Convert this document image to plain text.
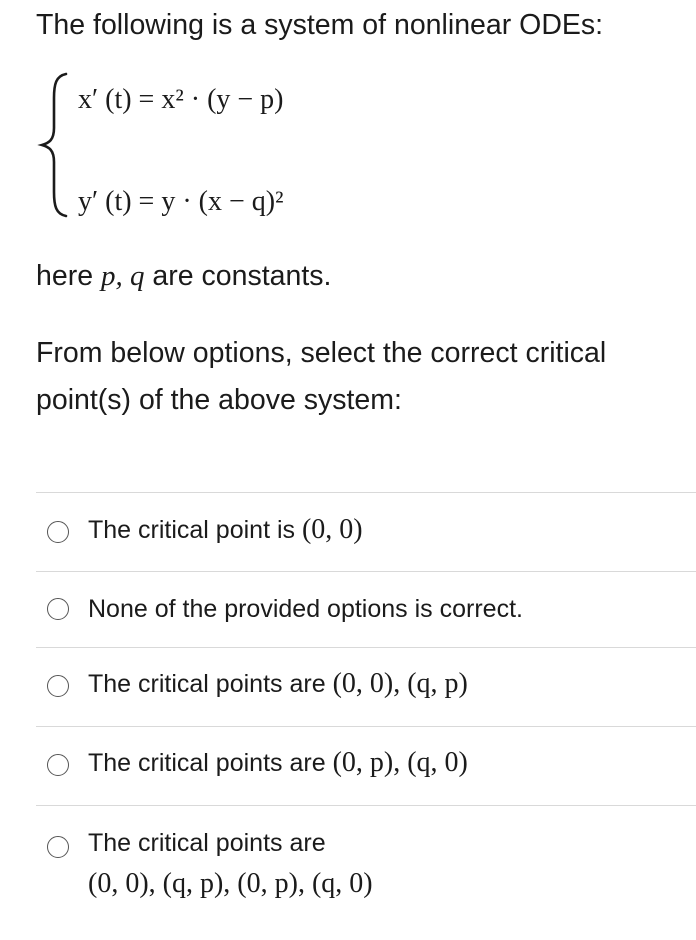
The following is a system of nonlinear ODEs:

x′ (t) = x² · (y − p)
y′ (t) = y · (x − q)²

here p, q are constants.

From below options, select the correct critical point(s) of the above system:

The critical point is (0, 0)
None of the provided options is correct.
The critical points are (0, 0), (q, p)
The critical points are (0, p), (q, 0)
The critical points are
(0, 0), (q, p), (0, p), (q, 0)
